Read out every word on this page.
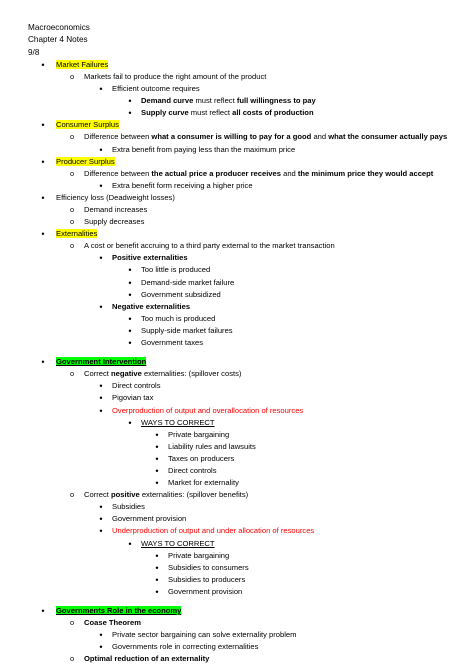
Macroeconomics
Chapter 4 Notes
9/8
•	Market Failures
o	Markets fail to produce the right amount of the product
•	Efficient outcome requires
•	Demand curve must reflect full willingness to pay
•	Supply curve must reflect all costs of production
•	Consumer Surplus
o	Difference between what a consumer is willing to pay for a good and what the consumer actually pays
•	Extra benefit from paying less than the maximum price
•	Producer Surplus
o	Difference between the actual price a producer receives and the minimum price they would accept
•	Extra benefit form receiving a higher price
•	Efficiency loss (Deadweight losses)
o	Demand increases
o	Supply decreases
•	Externalities
o	A cost or benefit accruing to a third party external to the market transaction
•	Positive externalities
•	Too little is produced
•	Demand-side market failure
•	Government subsidized
•	Negative externalities
•	Too much is produced
•	Supply-side market failures
•	Government taxes
•	Government Intervention
o	Correct negative externalities: (spillover costs)
•	Direct controls
•	Pigovian tax
•	Overproduction of output and overallocation of resources
•	WAYS TO CORRECT
•	Private bargaining
•	Liability rules and lawsuits
•	Taxes on producers
•	Direct controls
•	Market for externality
o	Correct positive externalities: (spillover benefits)
•	Subsidies
•	Government provision
•	Underproduction of output and under allocation of resources
•	WAYS TO CORRECT
•	Private bargaining
•	Subsidies to consumers
•	Subsidies to producers
•	Government provision
•	Governments Role in the economy
o	Coase Theorem
•	Private sector bargaining can solve externality problem
•	Governments role in correcting externalities
o	Optimal reduction of an externality
